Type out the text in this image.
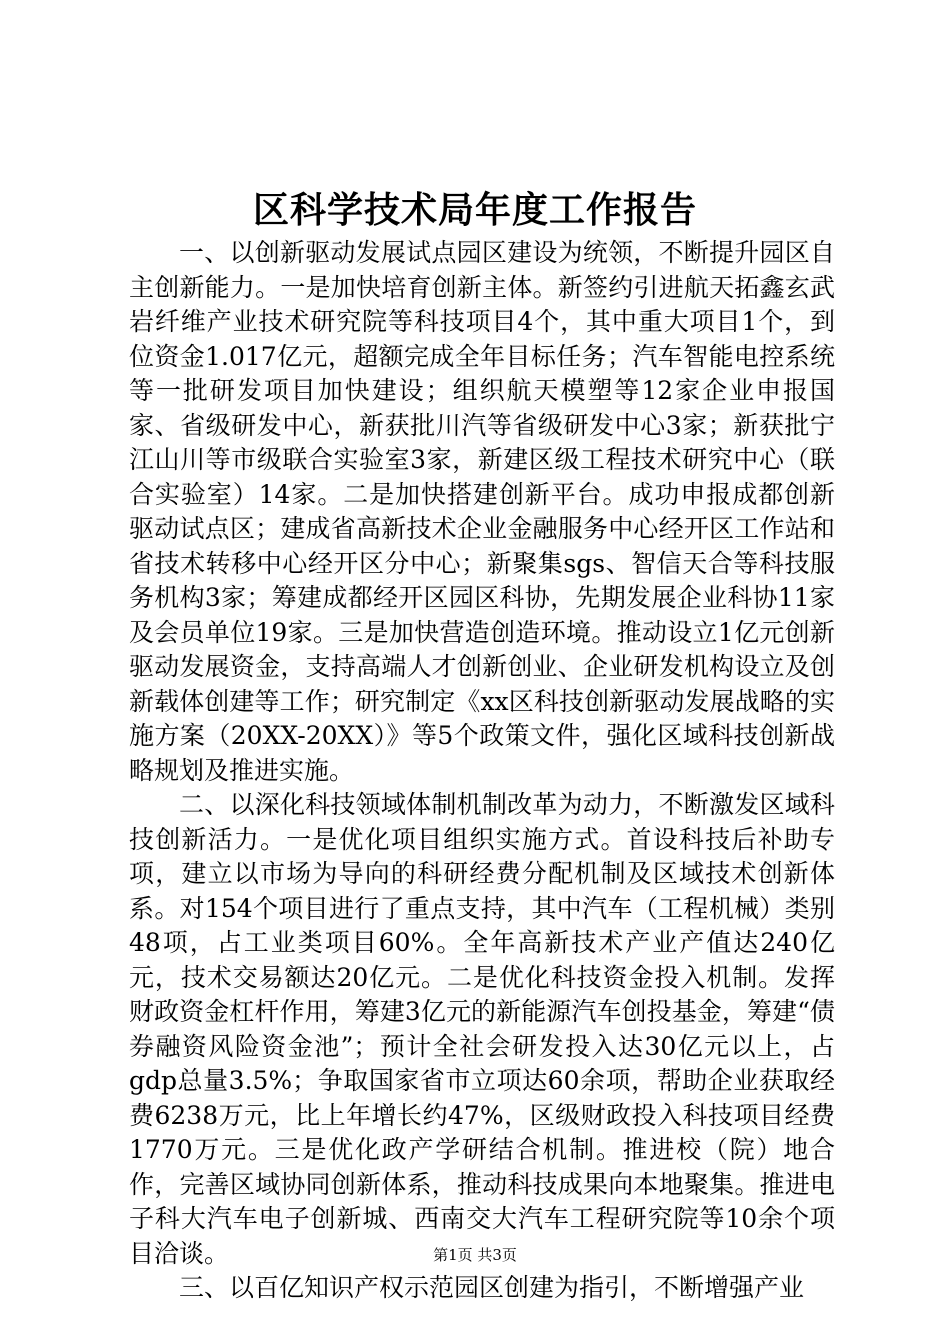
区科学技术局年度工作报告

一、以创新驱动发展试点园区建设为统领，不断提升园区自主创新能力。一是加快培育创新主体。新签约引进航天拓鑫玄武岩纤维产业技术研究院等科技项目4个，其中重大项目1个，到位资金1.017亿元，超额完成全年目标任务；汽车智能电控系统等一批研发项目加快建设；组织航天模塑等12家企业申报国家、省级研发中心，新获批川汽等省级研发中心3家；新获批宁江山川等市级联合实验室3家，新建区级工程技术研究中心（联合实验室）14家。二是加快搭建创新平台。成功申报成都创新驱动试点区；建成省高新技术企业金融服务中心经开区工作站和省技术转移中心经开区分中心；新聚集sgs、智信天合等科技服务机构3家；筹建成都经开区园区科协，先期发展企业科协11家及会员单位19家。三是加快营造创造环境。推动设立1亿元创新驱动发展资金，支持高端人才创新创业、企业研发机构设立及创新载体创建等工作；研究制定《xx区科技创新驱动发展战略的实施方案（20XX-20XX）》等5个政策文件，强化区域科技创新战略规划及推进实施。

二、以深化科技领域体制机制改革为动力，不断激发区域科技创新活力。一是优化项目组织实施方式。首设科技后补助专项，建立以市场为导向的科研经费分配机制及区域技术创新体系。对154个项目进行了重点支持，其中汽车（工程机械）类别48项，占工业类项目60%。全年高新技术产业产值达240亿元，技术交易额达20亿元。二是优化科技资金投入机制。发挥财政资金杠杆作用，筹建3亿元的新能源汽车创投基金，筹建“债券融资风险资金池”；预计全社会研发投入达30亿元以上，占gdp总量3.5%；争取国家省市立项达60余项，帮助企业获取经费6238万元，比上年增长约47%，区级财政投入科技项目经费1770万元。三是优化政产学研结合机制。推进校（院）地合作，完善区域协同创新体系，推动科技成果向本地聚集。推进电子科大汽车电子创新城、西南交大汽车工程研究院等10余个项目洽谈。

三、以百亿知识产权示范园区创建为指引，不断增强产业

第1页 共3页
